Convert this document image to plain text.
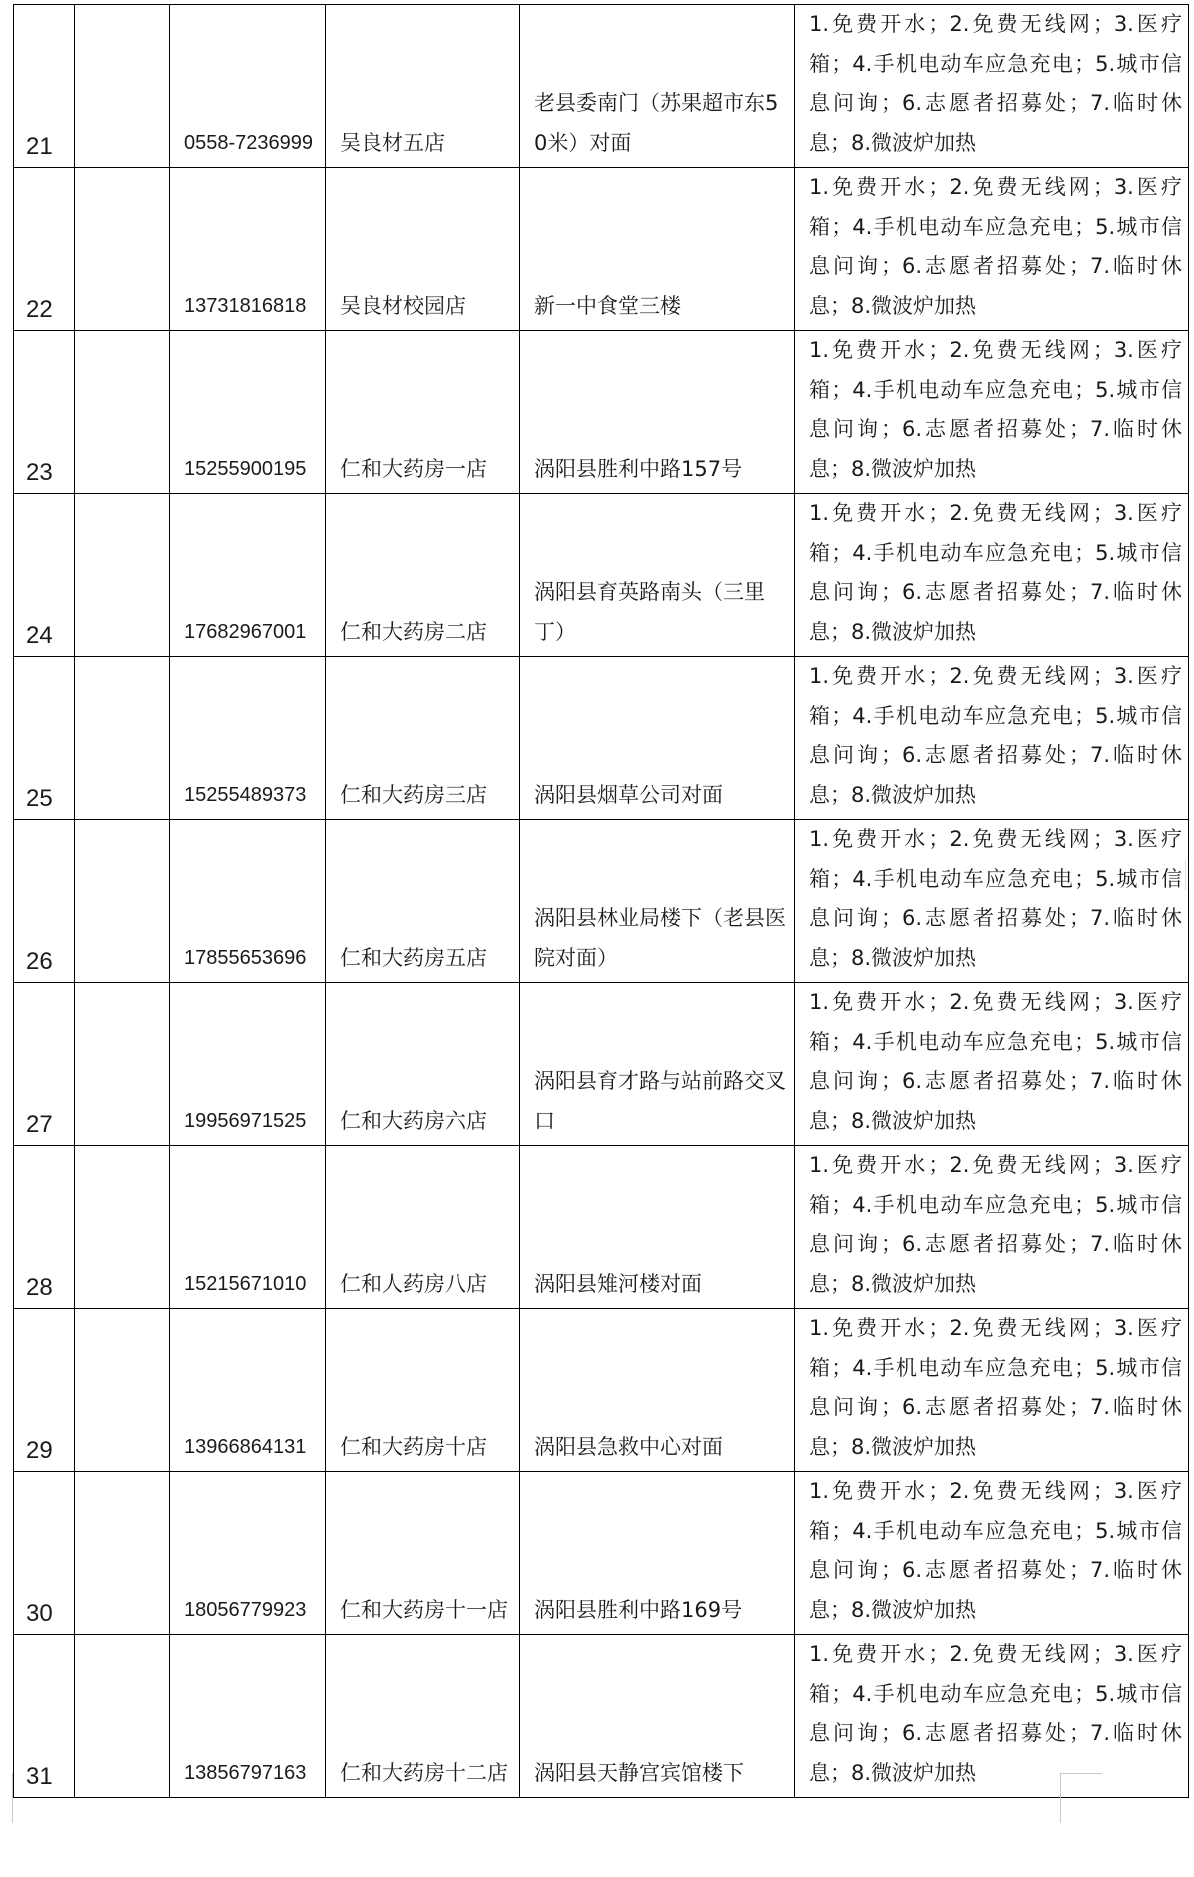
21		0558-7236999	吴良材五店	老县委南门（苏果超市东50米）对面	1.免费开水；2.免费无线网；3.医疗箱；4.手机电动车应急充电；5.城市信息问询；6.志愿者招募处；7.临时休息；8.微波炉加热

22		13731816818	吴良材校园店	新一中食堂三楼	1.免费开水；2.免费无线网；3.医疗箱；4.手机电动车应急充电；5.城市信息问询；6.志愿者招募处；7.临时休息；8.微波炉加热

23		15255900195	仁和大药房一店	涡阳县胜利中路157号	1.免费开水；2.免费无线网；3.医疗箱；4.手机电动车应急充电；5.城市信息问询；6.志愿者招募处；7.临时休息；8.微波炉加热

24		17682967001	仁和大药房二店	涡阳县育英路南头（三里丁）	1.免费开水；2.免费无线网；3.医疗箱；4.手机电动车应急充电；5.城市信息问询；6.志愿者招募处；7.临时休息；8.微波炉加热

25		15255489373	仁和大药房三店	涡阳县烟草公司对面	1.免费开水；2.免费无线网；3.医疗箱；4.手机电动车应急充电；5.城市信息问询；6.志愿者招募处；7.临时休息；8.微波炉加热

26		17855653696	仁和大药房五店	涡阳县林业局楼下（老县医院对面）	1.免费开水；2.免费无线网；3.医疗箱；4.手机电动车应急充电；5.城市信息问询；6.志愿者招募处；7.临时休息；8.微波炉加热

27		19956971525	仁和大药房六店	涡阳县育才路与站前路交叉口	1.免费开水；2.免费无线网；3.医疗箱；4.手机电动车应急充电；5.城市信息问询；6.志愿者招募处；7.临时休息；8.微波炉加热

28		15215671010	仁和人药房八店	涡阳县雉河楼对面	1.免费开水；2.免费无线网；3.医疗箱；4.手机电动车应急充电；5.城市信息问询；6.志愿者招募处；7.临时休息；8.微波炉加热

29		13966864131	仁和大药房十店	涡阳县急救中心对面	1.免费开水；2.免费无线网；3.医疗箱；4.手机电动车应急充电；5.城市信息问询；6.志愿者招募处；7.临时休息；8.微波炉加热

30		18056779923	仁和大药房十一店	涡阳县胜利中路169号	1.免费开水；2.免费无线网；3.医疗箱；4.手机电动车应急充电；5.城市信息问询；6.志愿者招募处；7.临时休息；8.微波炉加热

31		13856797163	仁和大药房十二店	涡阳县天静宫宾馆楼下	1.免费开水；2.免费无线网；3.医疗箱；4.手机电动车应急充电；5.城市信息问询；6.志愿者招募处；7.临时休息；8.微波炉加热
